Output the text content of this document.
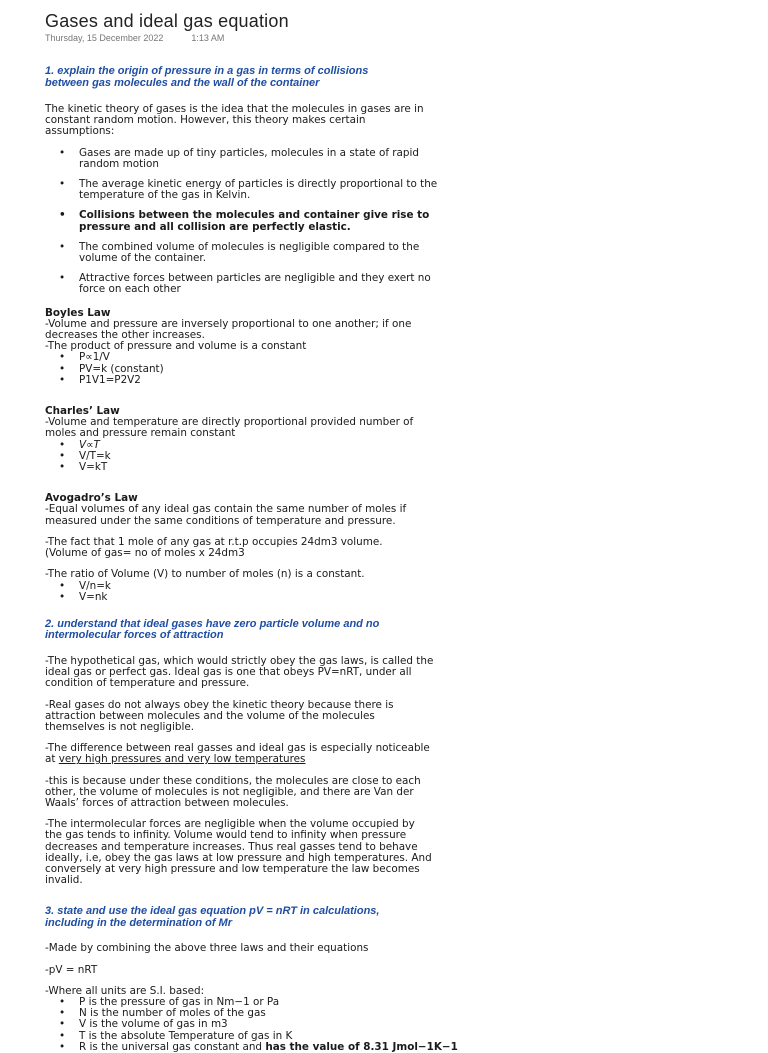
Gases and ideal gas equation
Thursday, 15 December 2022	1:13 AM
1. explain the origin of pressure in a gas in terms of collisions
between gas molecules and the wall of the container

The kinetic theory of gases is the idea that the molecules in gases are in
constant random motion. However, this theory makes certain
assumptions:

• Gases are made up of tiny particles, molecules in a state of rapid
random motion
• The average kinetic energy of particles is directly proportional to the
temperature of the gas in Kelvin.
• Collisions between the molecules and container give rise to
pressure and all collision are perfectly elastic.
• The combined volume of molecules is negligible compared to the
volume of the container.
• Attractive forces between particles are negligible and they exert no
force on each other
Boyles Law
-Volume and pressure are inversely proportional to one another; if one
decreases the other increases.
-The product of pressure and volume is a constant
• P∝1/V
• PV=k (constant)
• P1V1=P2V2
Charles’ Law
-Volume and temperature are directly proportional provided number of
moles and pressure remain constant
• V∝T
• V/T=k
• V=kT
Avogadro’s Law
-Equal volumes of any ideal gas contain the same number of moles if
measured under the same conditions of temperature and pressure.
-The fact that 1 mole of any gas at r.t.p occupies 24dm3 volume.
(Volume of gas= no of moles x 24dm3
-The ratio of Volume (V) to number of moles (n) is a constant.
• V/n=k
• V=nk
2. understand that ideal gases have zero particle volume and no
intermolecular forces of attraction

-The hypothetical gas, which would strictly obey the gas laws, is called the
ideal gas or perfect gas. Ideal gas is one that obeys PV=nRT, under all
condition of temperature and pressure.

-Real gases do not always obey the kinetic theory because there is
attraction between molecules and the volume of the molecules
themselves is not negligible.

-The difference between real gasses and ideal gas is especially noticeable
at very high pressures and very low temperatures

-this is because under these conditions, the molecules are close to each
other, the volume of molecules is not negligible, and there are Van der
Waals’ forces of attraction between molecules.

-The intermolecular forces are negligible when the volume occupied by
the gas tends to infinity. Volume would tend to infinity when pressure
decreases and temperature increases. Thus real gasses tend to behave
ideally, i.e, obey the gas laws at low pressure and high temperatures. And
conversely at very high pressure and low temperature the law becomes
invalid.

3. state and use the ideal gas equation pV = nRT in calculations,
including in the determination of Mr

-Made by combining the above three laws and their equations

-pV = nRT

-Where all units are S.I. based:

• P is the pressure of gas in Nm−1 or Pa
• N is the number of moles of the gas
• V is the volume of gas in m3
• T is the absolute Temperature of gas in K
• R is the universal gas constant and has the value of 8.31 Jmol−1K−1
